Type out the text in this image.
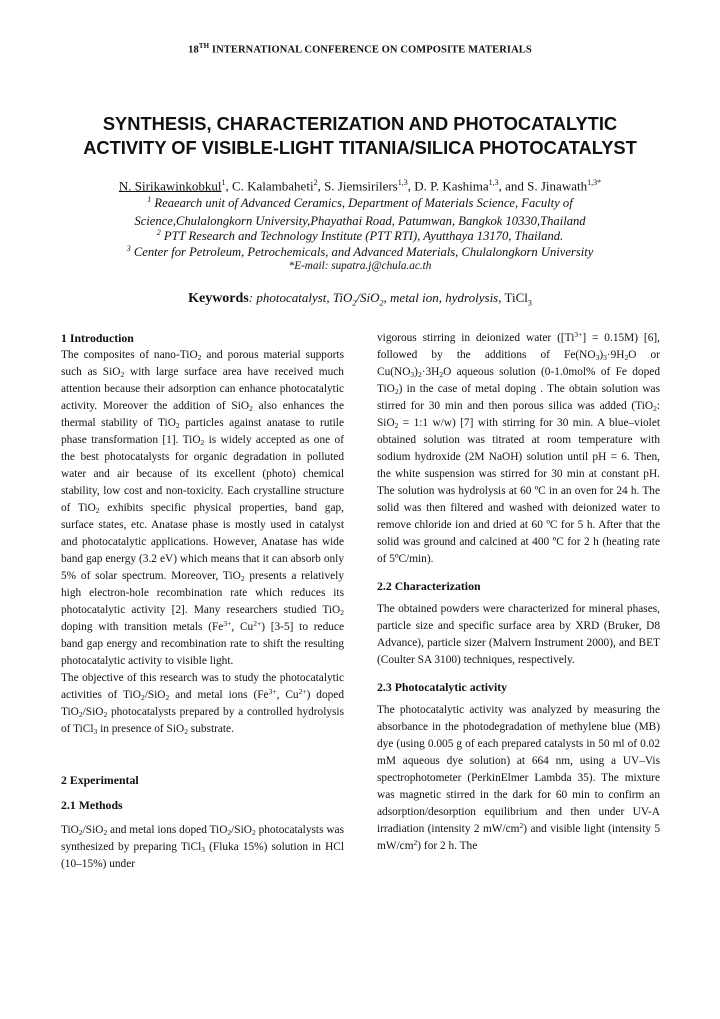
18TH INTERNATIONAL CONFERENCE ON COMPOSITE MATERIALS
SYNTHESIS, CHARACTERIZATION AND PHOTOCATALYTIC
ACTIVITY OF VISIBLE-LIGHT TITANIA/SILICA PHOTOCATALYST
N. Sirikawinkobkul$^1$, C. Kalambaheti$^2$, S. Jiemsirilers$^{1,3}$, D. P. Kashima$^{1,3}$, and S. Jinawath$^{1,3*}$
$^1$ Reaearch unit of Advanced Ceramics, Department of Materials Science, Faculty of
Science,Chulalongkorn University,Phayathai Road, Patumwan, Bangkok 10330,Thailand
$^2$ PTT Research and Technology Institute (PTT RTI), Ayutthaya 13170, Thailand.
$^3$ Center for Petroleum, Petrochemicals, and Advanced Materials, Chulalongkorn University
*E-mail: supatra.j@chula.ac.th
Keywords: photocatalyst, TiO$_2$/SiO$_2$, metal ion, hydrolysis, TiCl$_3$

1 Introduction

The composites of nano-TiO$_2$ and porous material supports such as SiO$_2$ with large surface area have received much attention because their adsorption can enhance photocatalytic activity. Moreover the addition of SiO$_2$ also enhances the thermal stability of TiO$_2$ particles against anatase to rutile phase transformation [1]. TiO$_2$ is widely accepted as one of the best photocatalysts for organic degradation in polluted water and air because of its excellent (photo) chemical stability, low cost and non-toxicity. Each crystalline structure of TiO$_2$ exhibits specific physical properties, band gap, surface states, etc. Anatase phase is mostly used in catalyst and photocatalytic applications. However, Anatase has wide band gap energy (3.2 eV) which means that it can absorb only 5% of solar spectrum. Moreover, TiO$_2$ presents a relatively high electron-hole recombination rate which reduces its photocatalytic activity [2]. Many researchers studied TiO$_2$ doping with transition metals ($Fe^{3+}$, $Cu^{2+}$) [3-5] to reduce band gap energy and recombination rate to shift the resulting photocatalytic activity to visible light.

The objective of this research was to study the photocatalytic activities of TiO$_2$/SiO$_2$ and metal ions ($Fe^{3+}$, $Cu^{2+}$) doped TiO$_2$/SiO$_2$ photocatalysts prepared by a controlled hydrolysis of TiCl$_3$ in presence of SiO$_2$ substrate.

2 Experimental

2.1 Methods

TiO$_2$/SiO$_2$ and metal ions doped TiO$_2$/SiO$_2$ photocatalysts was synthesized by preparing TiCl$_3$ (Fluka 15%) solution in HCl (10–15%) under

vigorous stirring in deionized water $([Ti^{3+}] = 0.15M)$ [6], followed by the additions of $Fe(NO_3)_3\cdot 9H_2O$ or $Cu(NO_3)_2\cdot 3H_2O$ aqueous solution (0-1.0mol% of Fe doped TiO$_2$) in the case of metal doping . The obtain solution was stirred for 30 min and then porous silica was added (TiO$_2$: SiO$_2$ = 1:1 w/w) [7] with stirring for 30 min. A blue–violet obtained solution was titrated at room temperature with sodium hydroxide (2M NaOH) solution until pH = 6. Then, the white suspension was stirred for 30 min at constant pH. The solution was hydrolysis at 60 ºC in an oven for 24 h. The solid was then filtered and washed with deionized water to remove chloride ion and dried at 60 ºC for 5 h. After that the solid was ground and calcined at 400 ºC for 2 h (heating rate of 5ºC/min).

2.2 Characterization

The obtained powders were characterized for mineral phases, particle size and specific surface area by XRD (Bruker, D8 Advance), particle sizer (Malvern Instrument 2000), and BET (Coulter SA 3100) techniques, respectively.

2.3 Photocatalytic activity

The photocatalytic activity was analyzed by measuring the absorbance in the photodegradation of methylene blue (MB) dye (using 0.005 g of each prepared catalysts in 50 ml of 0.02 mM aqueous dye solution) at 664 nm, using a UV–Vis spectrophotometer (PerkinElmer Lambda 35). The mixture was magnetic stirred in the dark for 60 min to confirm an adsorption/desorption equilibrium and then under UV-A irradiation (intensity 2 $mW/cm^2$) and visible light (intensity 5 $mW/cm^2$) for 2 h. The
